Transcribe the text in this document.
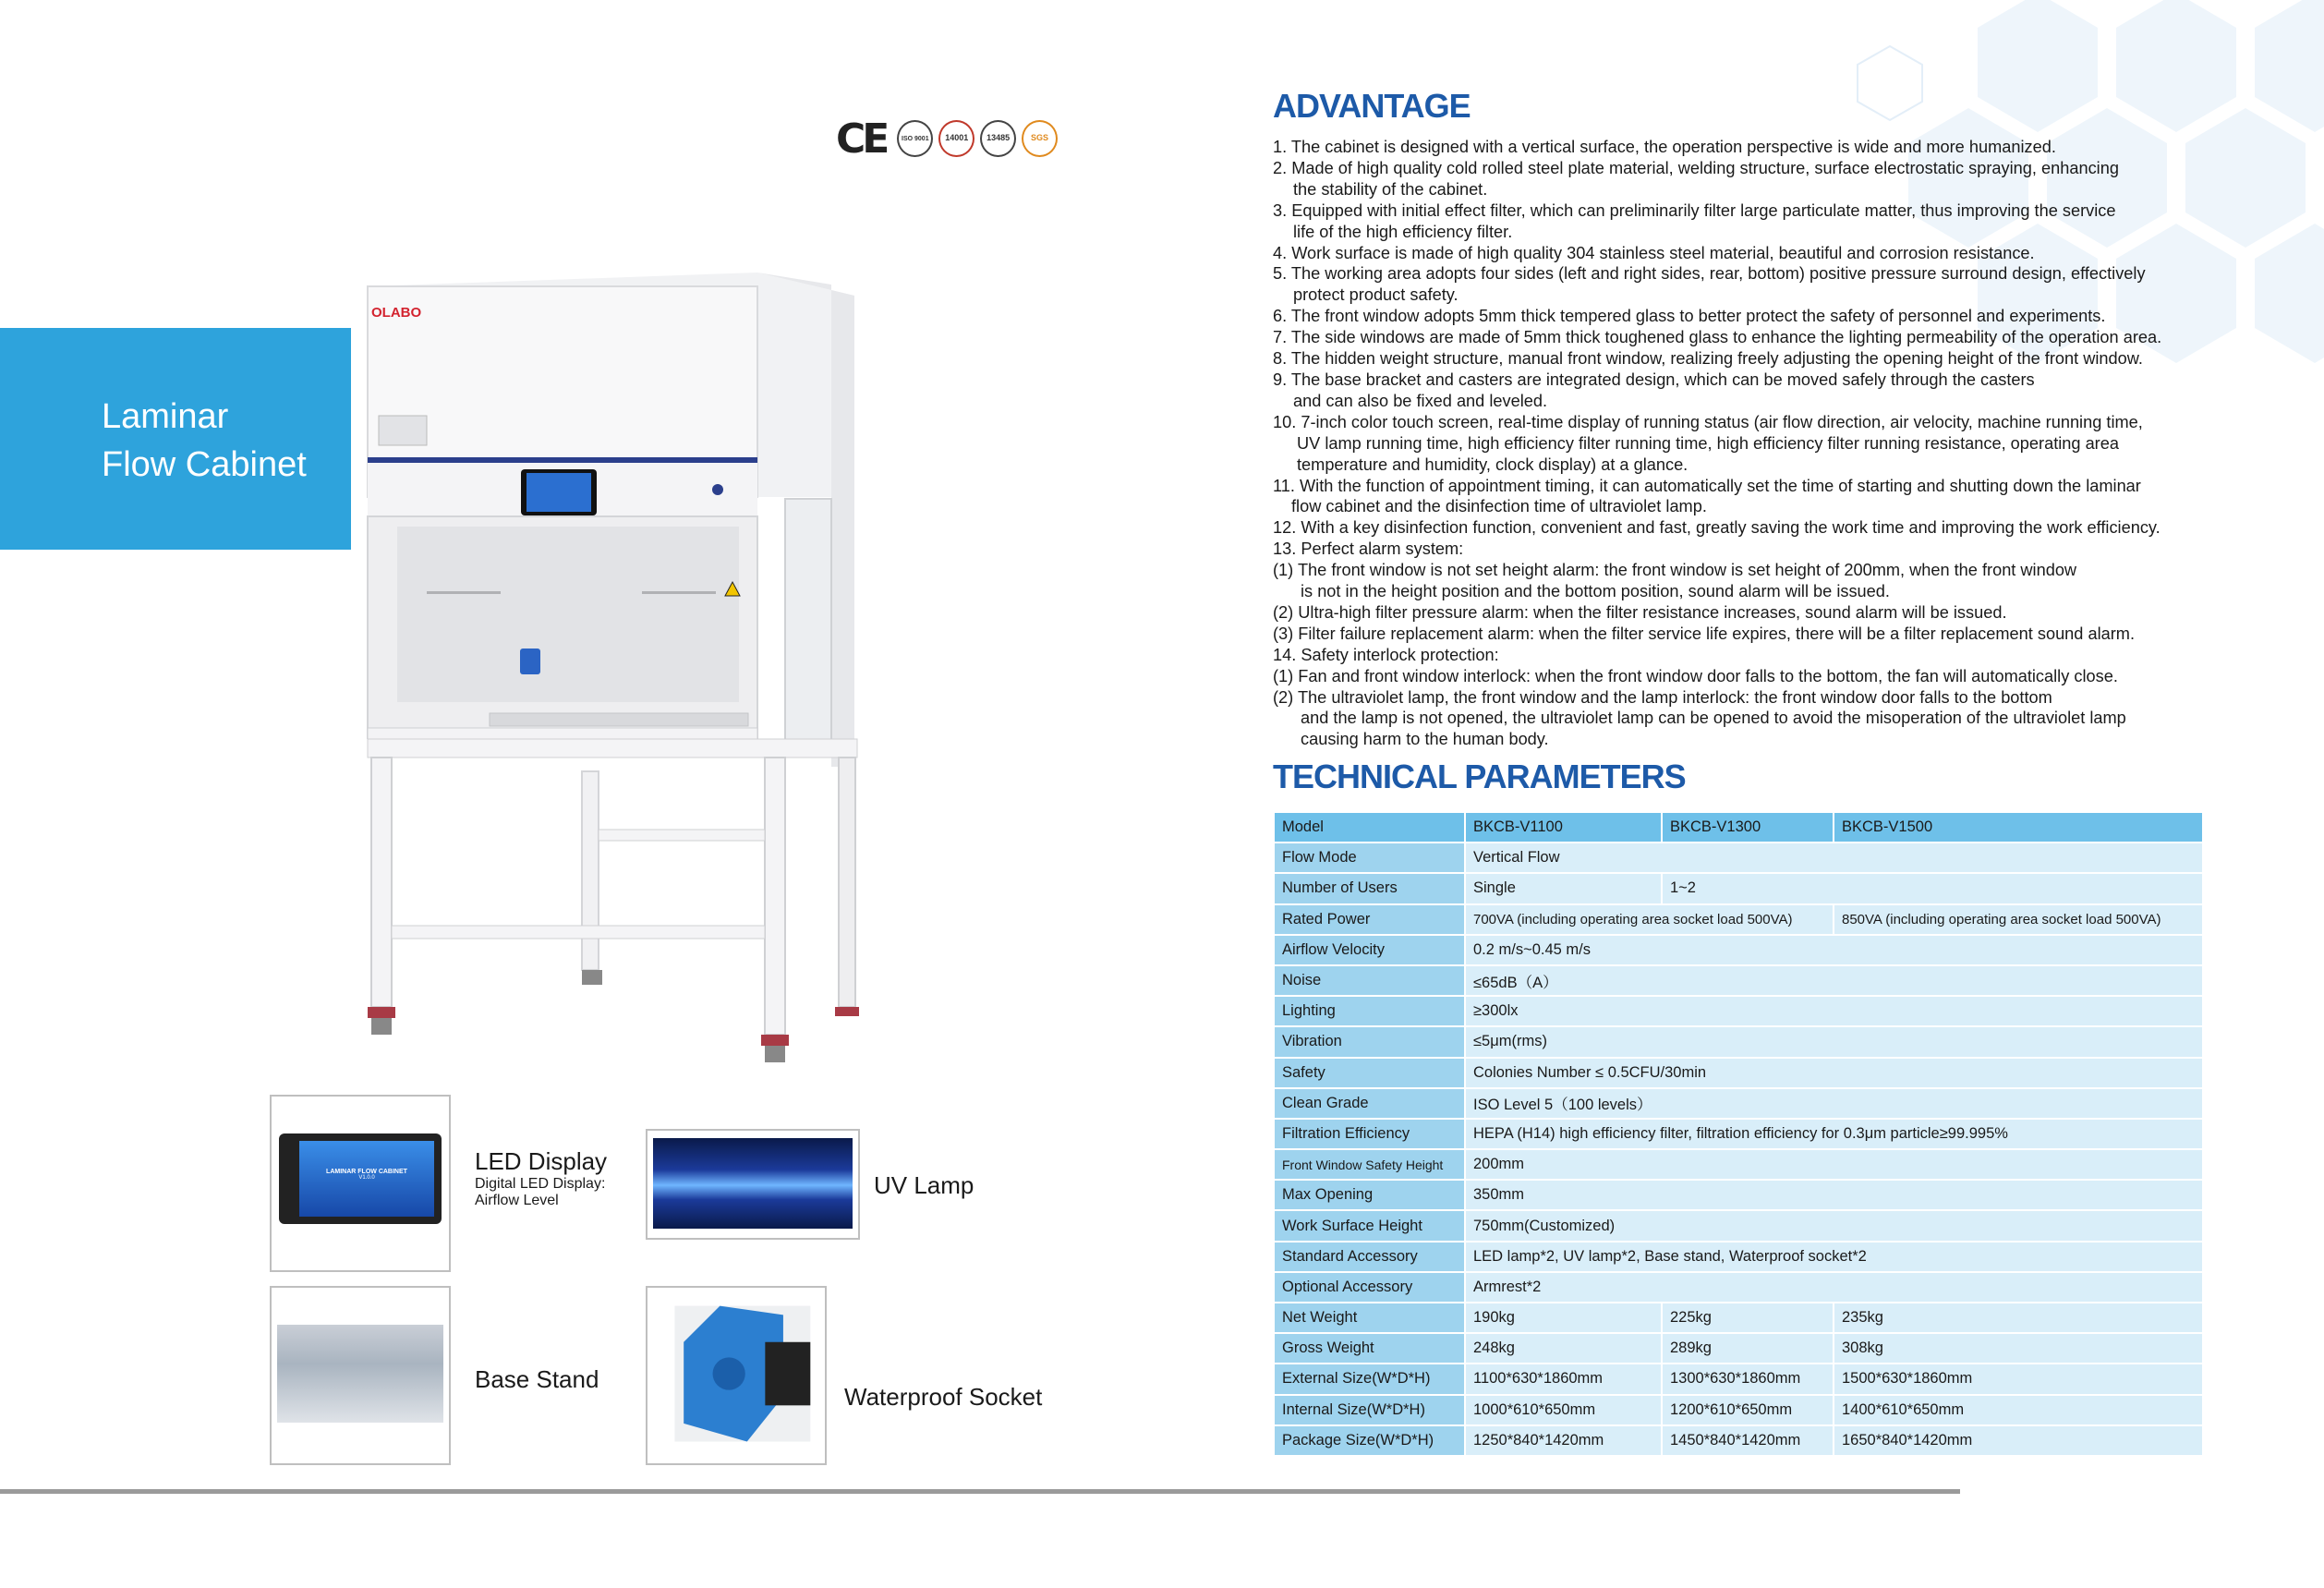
CE	ISO 9001	14001	13485	SGS
Laminar
Flow Cabinet
OLABO
LAMINAR FLOW CABINET
V1.0.0
LED Display
Digital LED Display:
Airflow Level
UV Lamp
Base Stand
Waterproof Socket
ADVANTAGE
1. The cabinet is designed with a vertical surface, the operation perspective is wide and more humanized.
2. Made of high quality cold rolled steel plate material, welding structure, surface electrostatic spraying, enhancing
the stability of the cabinet.
3. Equipped with initial effect filter, which can preliminarily filter large particulate matter, thus improving the service
life of the high efficiency filter.
4. Work surface is made of high quality 304 stainless steel material, beautiful and corrosion resistance.
5. The working area adopts four sides (left and right sides, rear, bottom) positive pressure surround design, effectively
protect product safety.
6. The front window adopts 5mm thick tempered glass to better protect the safety of personnel and experiments.
7. The side windows are made of 5mm thick toughened glass to enhance the lighting permeability of the operation area.
8. The hidden weight structure, manual front window, realizing freely adjusting the opening height of the front window.
9. The base bracket and casters are integrated design, which can be moved safely through the casters
and can also be fixed and leveled.
10. 7-inch color touch screen, real-time display of running status (air flow direction, air velocity, machine running time,
UV lamp running time, high efficiency filter running time, high efficiency filter running resistance, operating area
temperature and humidity, clock display) at a glance.
11. With the function of appointment timing, it can automatically set the time of starting and shutting down the laminar
flow cabinet and the disinfection time of ultraviolet lamp.
12. With a key disinfection function, convenient and fast, greatly saving the work time and improving the work efficiency.
13. Perfect alarm system:
(1) The front window is not set height alarm: the front window is set height of 200mm, when the front window
is not in the height position and the bottom position, sound alarm will be issued.
(2) Ultra-high filter pressure alarm: when the filter resistance increases, sound alarm will be issued.
(3) Filter failure replacement alarm: when the filter service life expires, there will be a filter replacement sound alarm.
14. Safety interlock protection:
(1) Fan and front window interlock: when the front window door falls to the bottom, the fan will automatically close.
(2) The ultraviolet lamp, the front window and the lamp interlock: the front window door falls to the bottom
and the lamp is not opened, the ultraviolet lamp can be opened to avoid the misoperation of the ultraviolet lamp
causing harm to the human body.
TECHNICAL PARAMETERS
Model	BKCB-V1100	BKCB-V1300	BKCB-V1500
Flow Mode	Vertical Flow		
Number of Users	Single	1~2	
Rated Power	700VA (including operating area socket load 500VA)		850VA (including operating area socket load 500VA)
Airflow Velocity	0.2 m/s~0.45 m/s		
Noise	≤65dB（A）		
Lighting	≥300lx		
Vibration	≤5μm(rms)		
Safety	Colonies Number ≤ 0.5CFU/30min		
Clean Grade	ISO Level 5（100 levels）		
Filtration Efficiency	HEPA (H14) high efficiency filter, filtration efficiency for 0.3μm particle≥99.995%		
Front Window Safety Height	200mm		
Max Opening	350mm		
Work Surface Height	750mm(Customized)		
Standard Accessory	LED lamp*2, UV lamp*2, Base stand, Waterproof socket*2		
Optional Accessory	Armrest*2		
Net Weight	190kg	225kg	235kg
Gross Weight	248kg	289kg	308kg
External Size(W*D*H)	1100*630*1860mm	1300*630*1860mm	1500*630*1860mm
Internal Size(W*D*H)	1000*610*650mm	1200*610*650mm	1400*610*650mm
Package Size(W*D*H)	1250*840*1420mm	1450*840*1420mm	1650*840*1420mm
